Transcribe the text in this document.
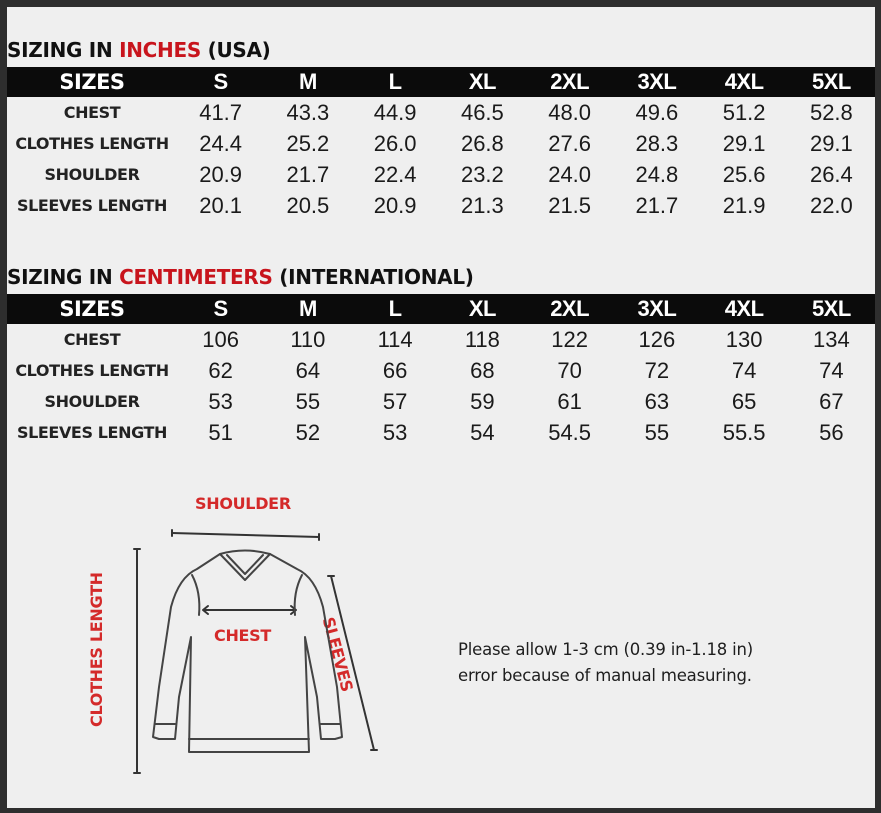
SIZING IN INCHES (USA)
SIZES	S	M	L	XL	2XL	3XL	4XL	5XL
CHEST	41.7	43.3	44.9	46.5	48.0	49.6	51.2	52.8
CLOTHES LENGTH	24.4	25.2	26.0	26.8	27.6	28.3	29.1	29.1
SHOULDER	20.9	21.7	22.4	23.2	24.0	24.8	25.6	26.4
SLEEVES LENGTH	20.1	20.5	20.9	21.3	21.5	21.7	21.9	22.0
SIZING IN CENTIMETERS (INTERNATIONAL)
SIZES	S	M	L	XL	2XL	3XL	4XL	5XL
CHEST	106	110	114	118	122	126	130	134
CLOTHES LENGTH	62	64	66	68	70	72	74	74
SHOULDER	53	55	57	59	61	63	65	67
SLEEVES LENGTH	51	52	53	54	54.5	55	55.5	56
SHOULDER
CHEST	SLEEVES
CLOTHES LENGTH	Please allow 1-3 cm (0.39 in-1.18 in)
error because of manual measuring.
